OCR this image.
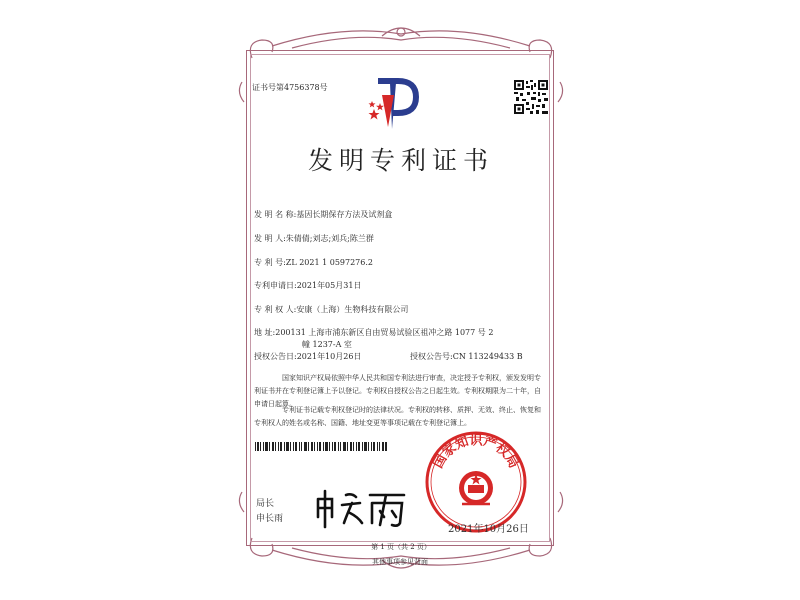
证书号第4756378号
发明专利证书
发 明 名 称:基因长期保存方法及试剂盒
发 明 人:朱倩倩;刘志;刘兵;陈兰群
专 利 号:ZL 2021 1 0597276.2
专利申请日:2021年05月31日
专 利 权 人:安康（上海）生物科技有限公司
地 址:200131 上海市浦东新区自由贸易试验区祖冲之路 1077 号 2
幢 1237-A 室
授权公告日:2021年10月26日	授权公告号:CN 113249433 B
国家知识产权局依照中华人民共和国专利法进行审查，决定授予专利权，颁发发明专利证书并在专利登记簿上予以登记。专利权自授权公告之日起生效。专利权期限为二十年，自申请日起算。
专利证书记载专利权登记时的法律状况。专利权的转移、质押、无效、终止、恢复和专利权人的姓名或名称、国籍、地址变更等事项记载在专利登记簿上。
局长
申长雨
国家知识产权局
2021年10月26日
第 1 页（共 2 页）
其他事项参见背面
